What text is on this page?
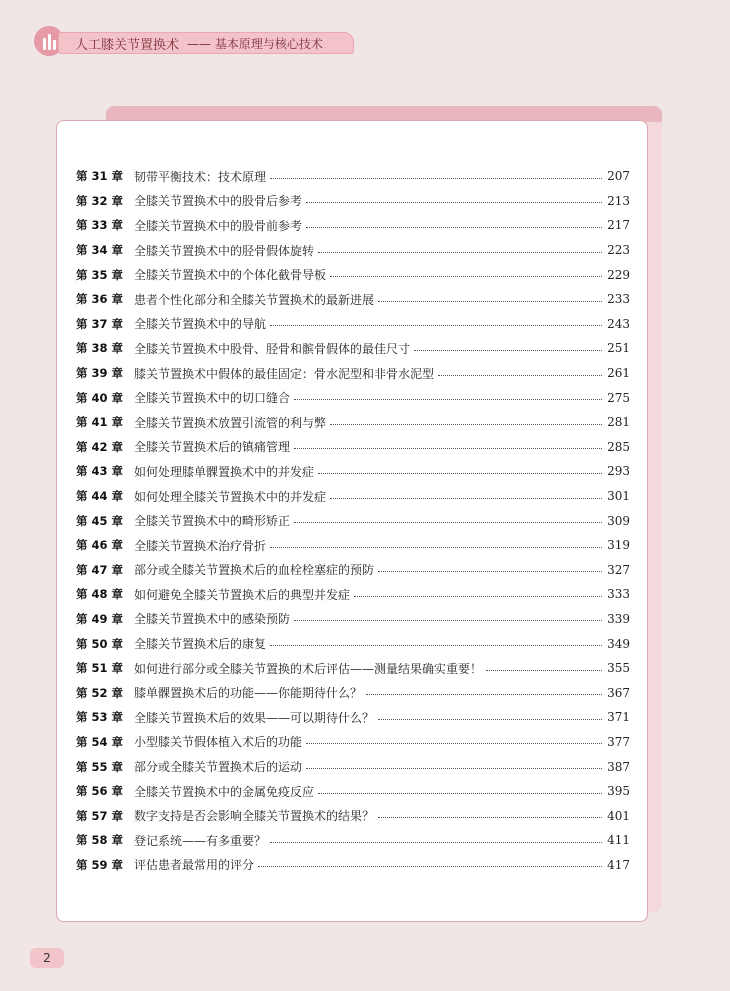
人工膝关节置换术 —— 基本原理与核心技术
第 31 章 韧带平衡技术：技术原理	207
第 32 章 全膝关节置换术中的股骨后参考	213
第 33 章 全膝关节置换术中的股骨前参考	217
第 34 章 全膝关节置换术中的胫骨假体旋转	223
第 35 章 全膝关节置换术中的个体化截骨导板	229
第 36 章 患者个性化部分和全膝关节置换术的最新进展	233
第 37 章 全膝关节置换术中的导航	243
第 38 章 全膝关节置换术中股骨、胫骨和髌骨假体的最佳尺寸	251
第 39 章 膝关节置换术中假体的最佳固定：骨水泥型和非骨水泥型	261
第 40 章 全膝关节置换术中的切口缝合	275
第 41 章 全膝关节置换术放置引流管的利与弊	281
第 42 章 全膝关节置换术后的镇痛管理	285
第 43 章 如何处理膝单髁置换术中的并发症	293
第 44 章 如何处理全膝关节置换术中的并发症	301
第 45 章 全膝关节置换术中的畸形矫正	309
第 46 章 全膝关节置换术治疗骨折	319
第 47 章 部分或全膝关节置换术后的血栓栓塞症的预防	327
第 48 章 如何避免全膝关节置换术后的典型并发症	333
第 49 章 全膝关节置换术中的感染预防	339
第 50 章 全膝关节置换术后的康复	349
第 51 章 如何进行部分或全膝关节置换的术后评估——测量结果确实重要！	355
第 52 章 膝单髁置换术后的功能——你能期待什么？	367
第 53 章 全膝关节置换术后的效果——可以期待什么？	371
第 54 章 小型膝关节假体植入术后的功能	377
第 55 章 部分或全膝关节置换术后的运动	387
第 56 章 全膝关节置换术中的金属免疫反应	395
第 57 章 数字支持是否会影响全膝关节置换术的结果？	401
第 58 章 登记系统——有多重要？	411
第 59 章 评估患者最常用的评分	417
2
